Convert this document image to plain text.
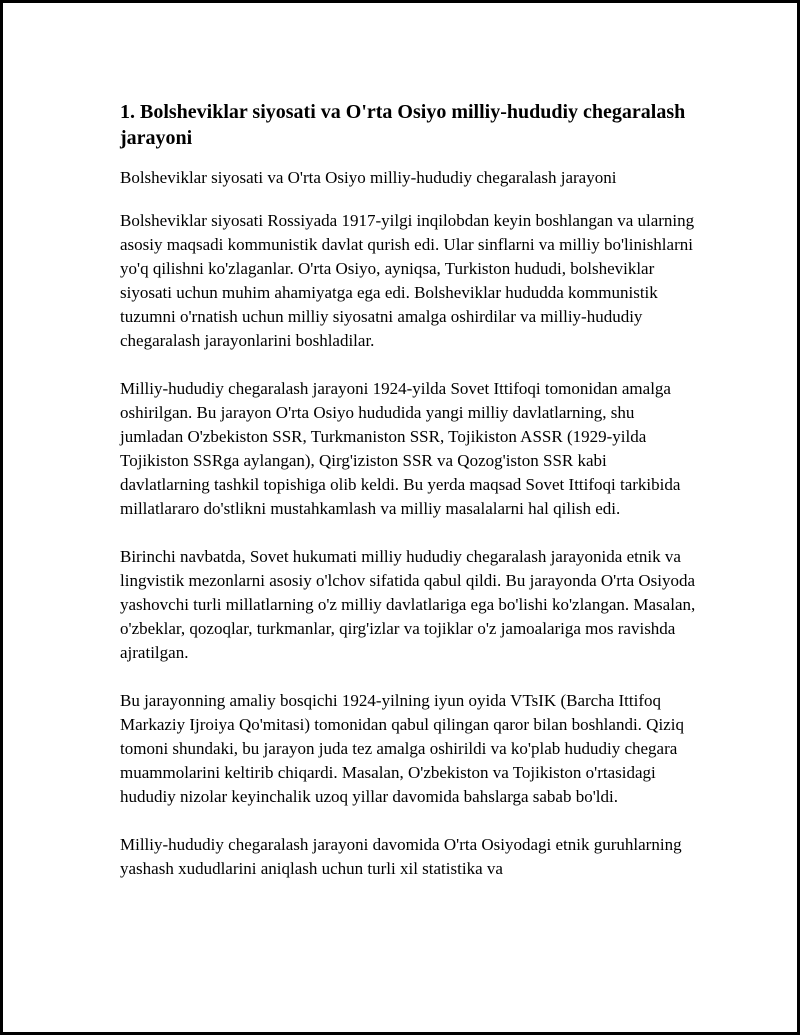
1. Bolsheviklar siyosati va O'rta Osiyo milliy-hududiy chegaralash jarayoni

Bolsheviklar siyosati va O'rta Osiyo milliy-hududiy chegaralash jarayoni

Bolsheviklar siyosati Rossiyada 1917-yilgi inqilobdan keyin boshlangan va ularning asosiy maqsadi kommunistik davlat qurish edi. Ular sinflarni va milliy bo'linishlarni yo'q qilishni ko'zlaganlar. O'rta Osiyo, ayniqsa, Turkiston hududi, bolsheviklar siyosati uchun muhim ahamiyatga ega edi. Bolsheviklar hududda kommunistik tuzumni o'rnatish uchun milliy siyosatni amalga oshirdilar va milliy-hududiy chegaralash jarayonlarini boshladilar.

Milliy-hududiy chegaralash jarayoni 1924-yilda Sovet Ittifoqi tomonidan amalga oshirilgan. Bu jarayon O'rta Osiyo hududida yangi milliy davlatlarning, shu jumladan O'zbekiston SSR, Turkmaniston SSR, Tojikiston ASSR (1929-yilda Tojikiston SSRga aylangan), Qirg'iziston SSR va Qozog'iston SSR kabi davlatlarning tashkil topishiga olib keldi. Bu yerda maqsad Sovet Ittifoqi tarkibida millatlararo do'stlikni mustahkamlash va milliy masalalarni hal qilish edi.

Birinchi navbatda, Sovet hukumati milliy hududiy chegaralash jarayonida etnik va lingvistik mezonlarni asosiy o'lchov sifatida qabul qildi. Bu jarayonda O'rta Osiyoda yashovchi turli millatlarning o'z milliy davlatlariga ega bo'lishi ko'zlangan. Masalan, o'zbeklar, qozoqlar, turkmanlar, qirg'izlar va tojiklar o'z jamoalariga mos ravishda ajratilgan.

Bu jarayonning amaliy bosqichi 1924-yilning iyun oyida VTsIK (Barcha Ittifoq Markaziy Ijroiya Qo'mitasi) tomonidan qabul qilingan qaror bilan boshlandi. Qiziq tomoni shundaki, bu jarayon juda tez amalga oshirildi va ko'plab hududiy chegara muammolarini keltirib chiqardi. Masalan, O'zbekiston va Tojikiston o'rtasidagi hududiy nizolar keyinchalik uzoq yillar davomida bahslarga sabab bo'ldi.

Milliy-hududiy chegaralash jarayoni davomida O'rta Osiyodagi etnik guruhlarning yashash xududlarini aniqlash uchun turli xil statistika va
